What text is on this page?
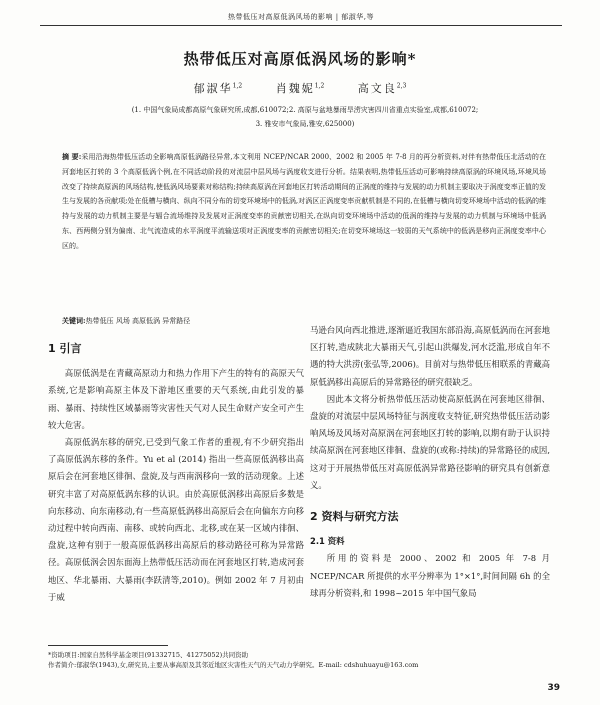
热带低压对高原低涡风场的影响 | 郁淑华,等
热带低压对高原低涡风场的影响*
郁淑华$^{1,2}$	肖魏妮$^{1,2}$	高文良$^{2,3}$
(1. 中国气象局成都高原气象研究所,成都,610072;2. 高原与盆地暴雨旱涝灾害四川省重点实验室,成都,610072;
3. 雅安市气象局,雅安,625000)
摘 要:采用沿海热带低压活动全影响高原低涡路径异常,本文利用 NCEP/NCAR 2000、2002 和 2005 年 7-8 月的再分析资料,对伴有热带低压北活动的在河套地区打转的 3 个高原低涡个例,在不同活动阶段的对流层中层风场与涡度收支进行分析。结果表明,热带低压活动可影响持续高原涡的环境风场,环境风场改变了持续高原涡的风场结构,使低涡风场要素对称结构;持续高原涡在河套地区打转活动期间的正涡度的维持与发展的动力机制主要取决于涡度变率正值的发生与发展的各贡献项;处在低槽与横向、纵向不同分布的切变环境场中的低涡,对涡区正涡度变率贡献机制是不同的,在低槽与横向切变环境场中活动的低涡的维持与发展的动力机制主要是与辐合流场维持及发展对正涡度变率的贡献密切相关,在纵向切变环境场中活动的低涡的维持与发展的动力机制与环境场中低涡东、西两侧分别为偏南、北气流造成的水平涡度平流输送项对正涡度变率的贡献密切相关;在切变环境场这一较弱的天气系统中的低涡是移向正涡度变率中心区的。
关键词:热带低压 风场 高原低涡 异常路径
1 引言

高原低涡是在青藏高原动力和热力作用下产生的特有的高原天气系统,它是影响高原主体及下游地区重要的天气系统,由此引发的暴雨、暴雨、持续性区域暴雨等灾害性天气对人民生命财产安全可产生较大危害。

高原低涡东移的研究,已受到气象工作者的重视,有不少研究指出了高原低涡东移的条件。Yu et al (2014) 指出一些高原低涡移出高原后会在河套地区徘徊、盘旋,及与西南涡移向一致的活动现象。上述研究丰富了对高原低涡东移的认识。由於高原低涡移出高原后多数是向东移动、向东南移动,有一些高原低涡移出高原后会在向偏东方向移动过程中转向西南、南移、或转向西北、北移,或在某一区域内徘徊、盘旋,这种有别于一般高原低涡移出高原后的移动路径可称为异常路径。高原低涡会因东面海上热带低压活动而在河套地区打转,造成河套地区、华北暴雨、大暴雨(李跃清等,2010)。例如 2002 年 7 月初由于威

马逊台风向西北推进,逐渐逼近我国东部沿海,高原低涡而在河套地区打转,造成陕北大暴雨天气,引起山洪爆发,河水泛滥,形成自年不遇的特大洪涝(张弘等,2006)。目前对与热带低压相联系的青藏高原低涡移出高原后的异常路径的研究很缺乏。

因此本文将分析热带低压活动使高原低涡在河套地区徘徊、盘旋的对流层中层风场特征与涡度收支特征,研究热带低压活动影响风场及风场对高原涡在河套地区打转的影响,以期有助于认识持续高原涡在河套地区徘徊、盘旋的(或称:持续)的异常路径的成因,这对于开展热带低压对高原低涡异常路径影响的研究具有创新意义。

2 资料与研究方法
2.1 资料

所用的资料是 2000、2002 和 2005 年 7-8 月 NCEP/NCAR 所提供的水平分辨率为 1°×1°,时间间隔 6h 的全球再分析资料,和 1998~2015 年中国气象局

*资助项目:国家自然科学基金项目(91332715、41275052)共同资助
作者简介:郁淑华(1943),女,研究员,主要从事高原及其邻近地区灾害性天气的天气动力学研究。E-mail: cdshuhuayu@163.com
39
